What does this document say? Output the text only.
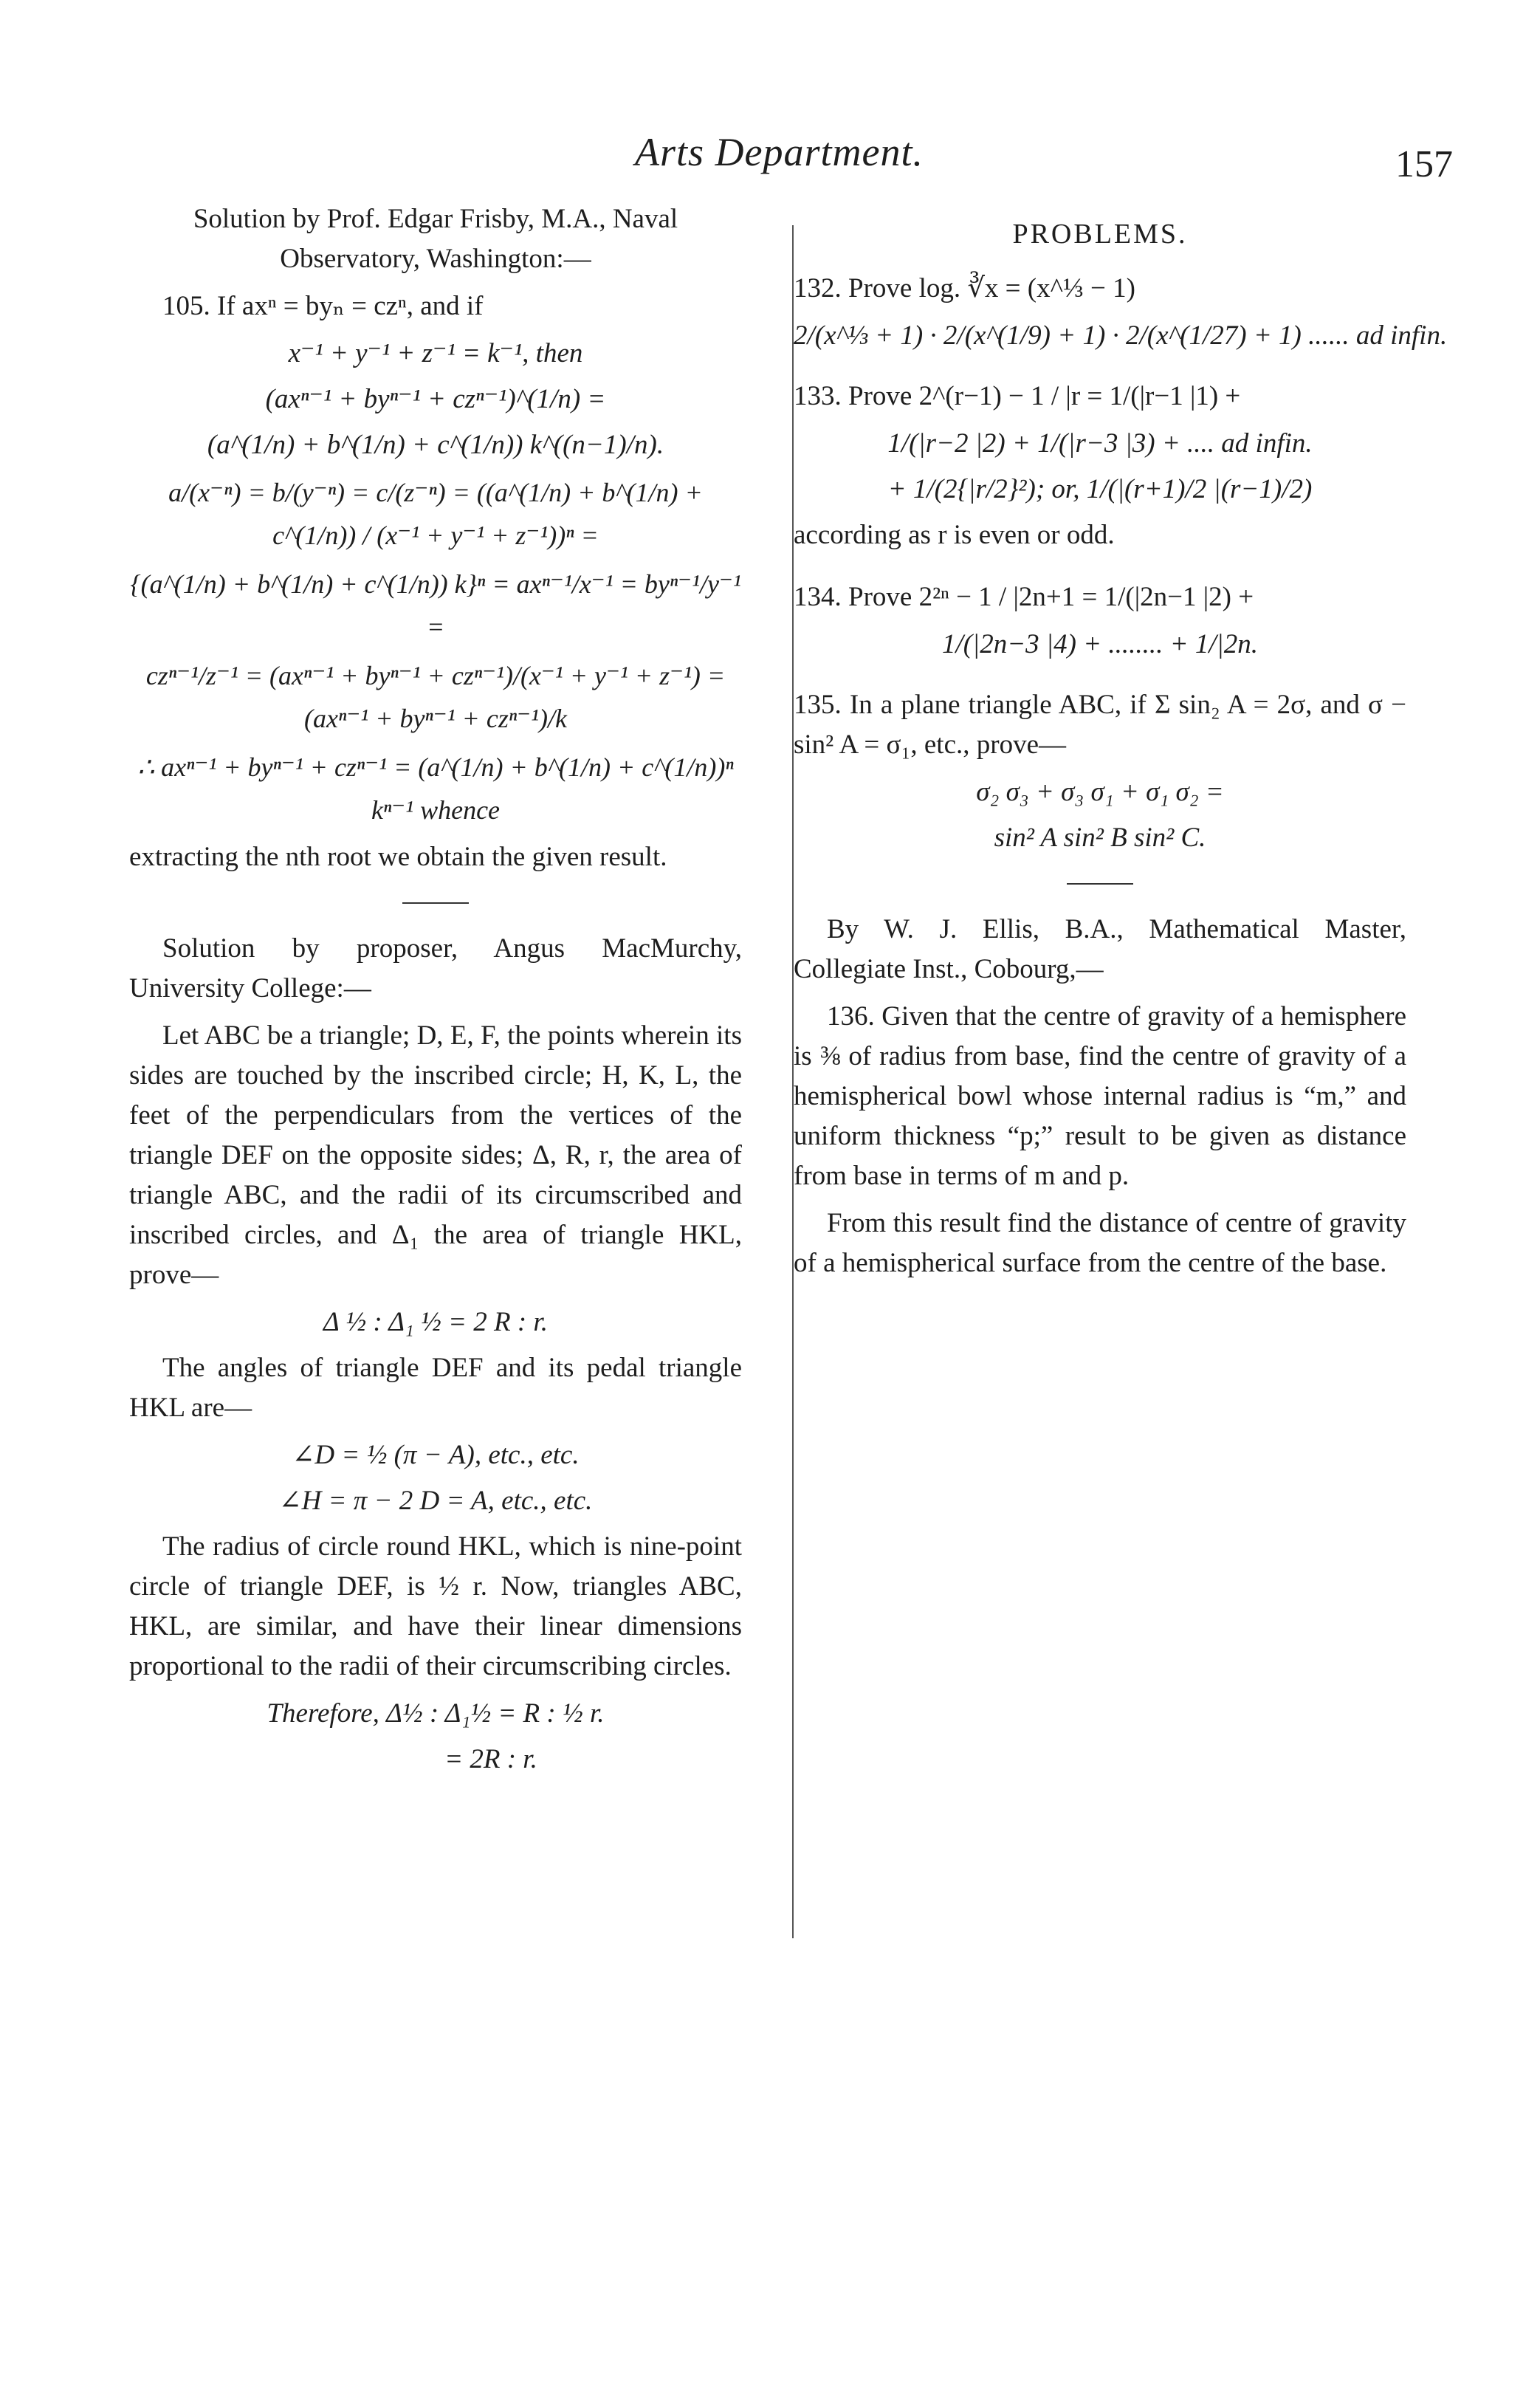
Arts Department.	157

Solution by Prof. Edgar Frisby, M.A., Naval Observatory, Washington:—

105. If axⁿ = byₙ = czⁿ, and if

x⁻¹ + y⁻¹ + z⁻¹ = k⁻¹, then

(axⁿ⁻¹ + byⁿ⁻¹ + czⁿ⁻¹)^(1/n) =

(a^(1/n) + b^(1/n) + c^(1/n)) k^((n−1)/n).

a/(x⁻ⁿ) = b/(y⁻ⁿ) = c/(z⁻ⁿ) = ((a^(1/n) + b^(1/n) + c^(1/n)) / (x⁻¹ + y⁻¹ + z⁻¹))ⁿ =

{(a^(1/n) + b^(1/n) + c^(1/n)) k}ⁿ = axⁿ⁻¹/x⁻¹ = byⁿ⁻¹/y⁻¹ =

czⁿ⁻¹/z⁻¹ = (axⁿ⁻¹ + byⁿ⁻¹ + czⁿ⁻¹)/(x⁻¹ + y⁻¹ + z⁻¹) = (axⁿ⁻¹ + byⁿ⁻¹ + czⁿ⁻¹)/k

∴ axⁿ⁻¹ + byⁿ⁻¹ + czⁿ⁻¹ = (a^(1/n) + b^(1/n) + c^(1/n))ⁿ kⁿ⁻¹ whence

extracting the nth root we obtain the given result.

Solution by proposer, Angus MacMurchy, University College:—

Let ABC be a triangle; D, E, F, the points wherein its sides are touched by the inscribed circle; H, K, L, the feet of the perpendiculars from the vertices of the triangle DEF on the opposite sides; Δ, R, r, the area of triangle ABC, and the radii of its circumscribed and inscribed circles, and Δ₁ the area of triangle HKL, prove—

Δ ½ : Δ₁ ½ = 2 R : r.

The angles of triangle DEF and its pedal triangle HKL are—

∠D = ½ (π − A), etc., etc.

∠H = π − 2 D = A, etc., etc.

The radius of circle round HKL, which is nine-point circle of triangle DEF, is ½ r. Now, triangles ABC, HKL, are similar, and have their linear dimensions proportional to the radii of their circumscribing circles.

Therefore, Δ½ : Δ₁½ = R : ½ r.

= 2R : r.

PROBLEMS.

132. Prove log. ∛x = (x^⅓ − 1)

2/(x^⅓ + 1) · 2/(x^(1/9) + 1) · 2/(x^(1/27) + 1) ...... ad infin.

133. Prove 2^(r−1) − 1 / |r = 1/(|r−1 |1) +

1/(|r−2 |2) + 1/(|r−3 |3) + .... ad infin.

+ 1/(2{|r/2}²); or, 1/(|(r+1)/2 |(r−1)/2)

according as r is even or odd.

134. Prove 2²ⁿ − 1 / |2n+1 = 1/(|2n−1 |2) +

1/(|2n−3 |4) + ........ + 1/|2n.

135. In a plane triangle ABC, if Σ sin₂ A = 2σ, and σ − sin² A = σ₁, etc., prove—

σ₂ σ₃ + σ₃ σ₁ + σ₁ σ₂ =

sin² A sin² B sin² C.

By W. J. Ellis, B.A., Mathematical Master, Collegiate Inst., Cobourg,—

136. Given that the centre of gravity of a hemisphere is ⅜ of radius from base, find the centre of gravity of a hemispherical bowl whose internal radius is “m,” and uniform thickness “p;” result to be given as distance from base in terms of m and p.

From this result find the distance of centre of gravity of a hemispherical surface from the centre of the base.
